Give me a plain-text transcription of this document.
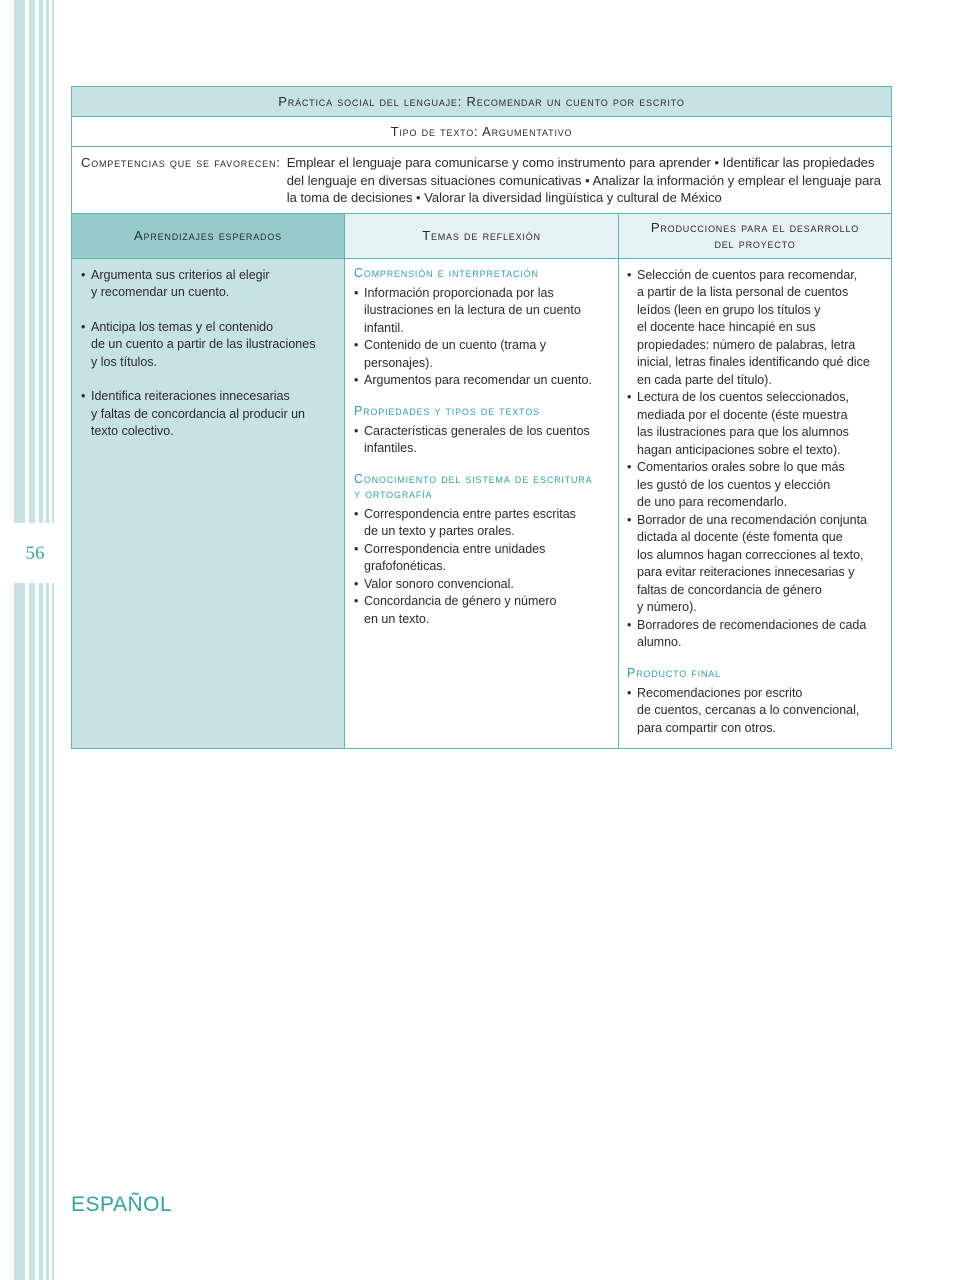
56
Práctica social del lenguaje: Recomendar un cuento por escrito
Tipo de texto: Argumentativo
Competencias que se favorecen: Emplear el lenguaje para comunicarse y como instrumento para aprender • Identificar las propiedades del lenguaje en diversas situaciones comunicativas • Analizar la información y emplear el lenguaje para la toma de decisiones • Valorar la diversidad lingüística y cultural de México
Aprendizajes esperados	Temas de reflexión
Producciones para el desarrollo
del proyecto
• Argumenta sus criterios al elegir
y recomendar un cuento.
• Anticipa los temas y el contenido
de un cuento a partir de las ilustraciones
y los títulos.
• Identifica reiteraciones innecesarias
y faltas de concordancia al producir un
texto colectivo.
Comprensión e interpretación
• Información proporcionada por las
ilustraciones en la lectura de un cuento
infantil.
• Contenido de un cuento (trama y
personajes).
• Argumentos para recomendar un cuento.
Propiedades y tipos de textos
• Características generales de los cuentos
infantiles.
Conocimiento del sistema de escritura
y ortografía
• Correspondencia entre partes escritas
de un texto y partes orales.
• Correspondencia entre unidades
grafofonéticas.
• Valor sonoro convencional.
• Concordancia de género y número
en un texto.
• Selección de cuentos para recomendar,
a partir de la lista personal de cuentos
leídos (leen en grupo los títulos y
el docente hace hincapié en sus
propiedades: número de palabras, letra
inicial, letras finales identificando qué dice
en cada parte del título).
• Lectura de los cuentos seleccionados,
mediada por el docente (éste muestra
las ilustraciones para que los alumnos
hagan anticipaciones sobre el texto).
• Comentarios orales sobre lo que más
les gustó de los cuentos y elección
de uno para recomendarlo.
• Borrador de una recomendación conjunta
dictada al docente (éste fomenta que
los alumnos hagan correcciones al texto,
para evitar reiteraciones innecesarias y
faltas de concordancia de género
y número).
• Borradores de recomendaciones de cada
alumno.
Producto final
• Recomendaciones por escrito
de cuentos, cercanas a lo convencional,
para compartir con otros.
ESPAÑOL
